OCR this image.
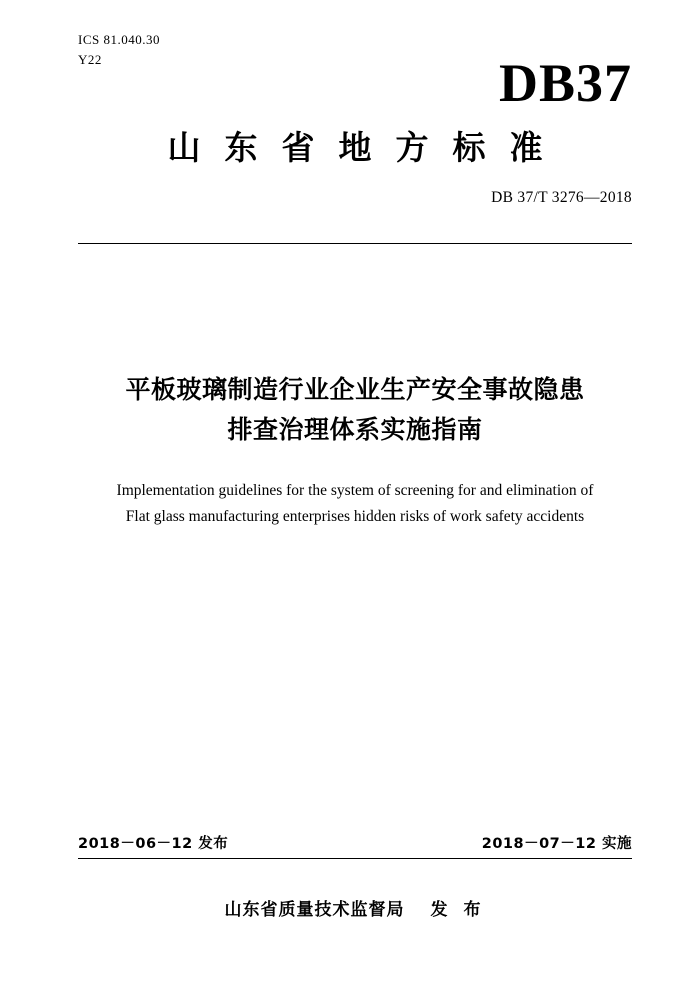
ICS 81.040.30
Y22	DB37
山东省地方标准
DB 37/T 3276—2018
平板玻璃制造行业企业生产安全事故隐患
排查治理体系实施指南
Implementation guidelines for the system of screening for and elimination of Flat glass manufacturing enterprises hidden risks of work safety accidents
2018－06－12 发布	2018－07－12 实施
山东省质量技术监督局 发 布
